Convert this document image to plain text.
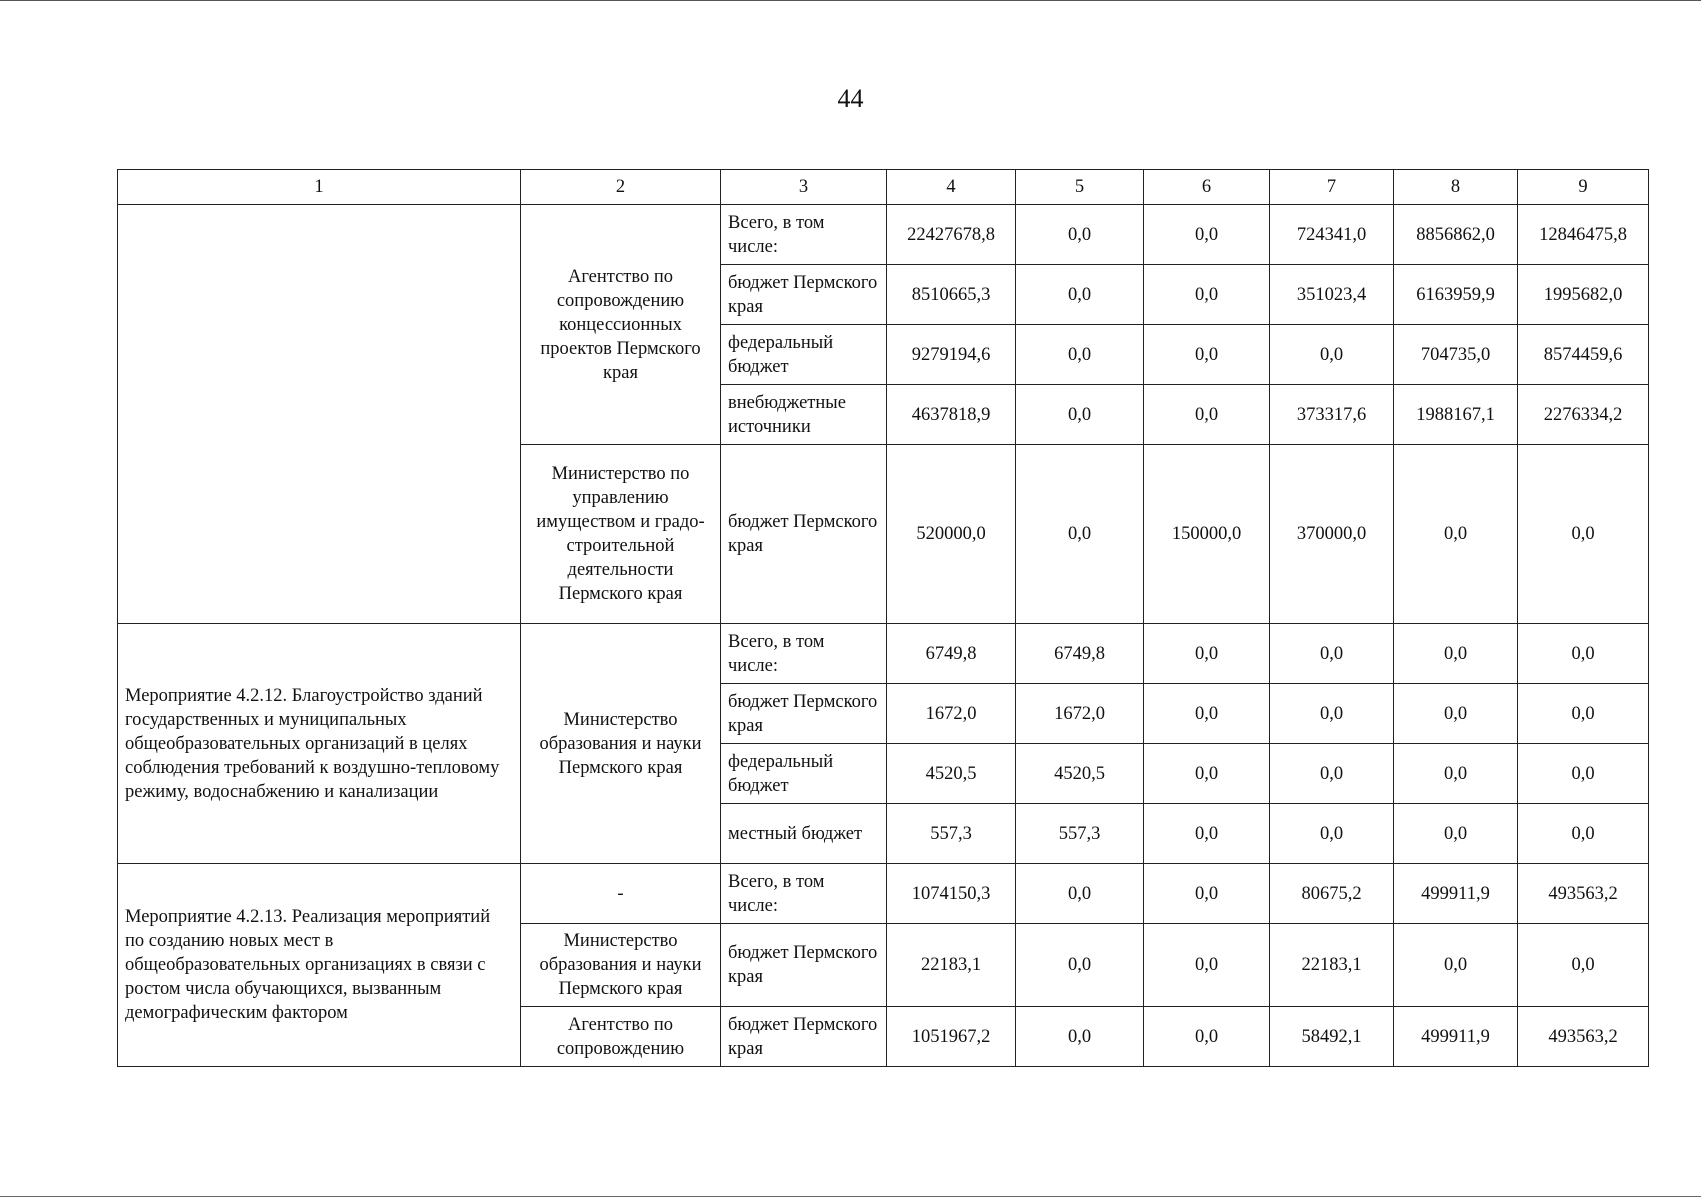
44
1	2	3	4	5	6	7	8	9
	Агентство по сопровождению концессионных проектов Пермского края	Всего, в том числе:	22427678,8	0,0	0,0	724341,0	8856862,0	12846475,8
		бюджет Пермского края	8510665,3	0,0	0,0	351023,4	6163959,9	1995682,0
		федеральный бюджет	9279194,6	0,0	0,0	0,0	704735,0	8574459,6
		внебюджетные источники	4637818,9	0,0	0,0	373317,6	1988167,1	2276334,2
	Министерство по управлению имуществом и градо- строительной деятельности Пермского края	бюджет Пермского края	520000,0	0,0	150000,0	370000,0	0,0	0,0
Мероприятие 4.2.12. Благоустройство зданий государственных и муниципальных общеобразовательных организаций в целях соблюдения требований к воздушно-тепловому режиму, водоснабжению и канализации	Министерство образования и науки Пермского края	Всего, в том числе:	6749,8	6749,8	0,0	0,0	0,0	0,0
		бюджет Пермского края	1672,0	1672,0	0,0	0,0	0,0	0,0
		федеральный бюджет	4520,5	4520,5	0,0	0,0	0,0	0,0
		местный бюджет	557,3	557,3	0,0	0,0	0,0	0,0
Мероприятие 4.2.13. Реализация мероприятий по созданию новых мест в общеобразовательных организациях в связи с ростом числа обучающихся, вызванным демографическим фактором	-	Всего, в том числе:	1074150,3	0,0	0,0	80675,2	499911,9	493563,2
	Министерство образования и науки Пермского края	бюджет Пермского края	22183,1	0,0	0,0	22183,1	0,0	0,0
	Агентство по сопровождению	бюджет Пермского края	1051967,2	0,0	0,0	58492,1	499911,9	493563,2
